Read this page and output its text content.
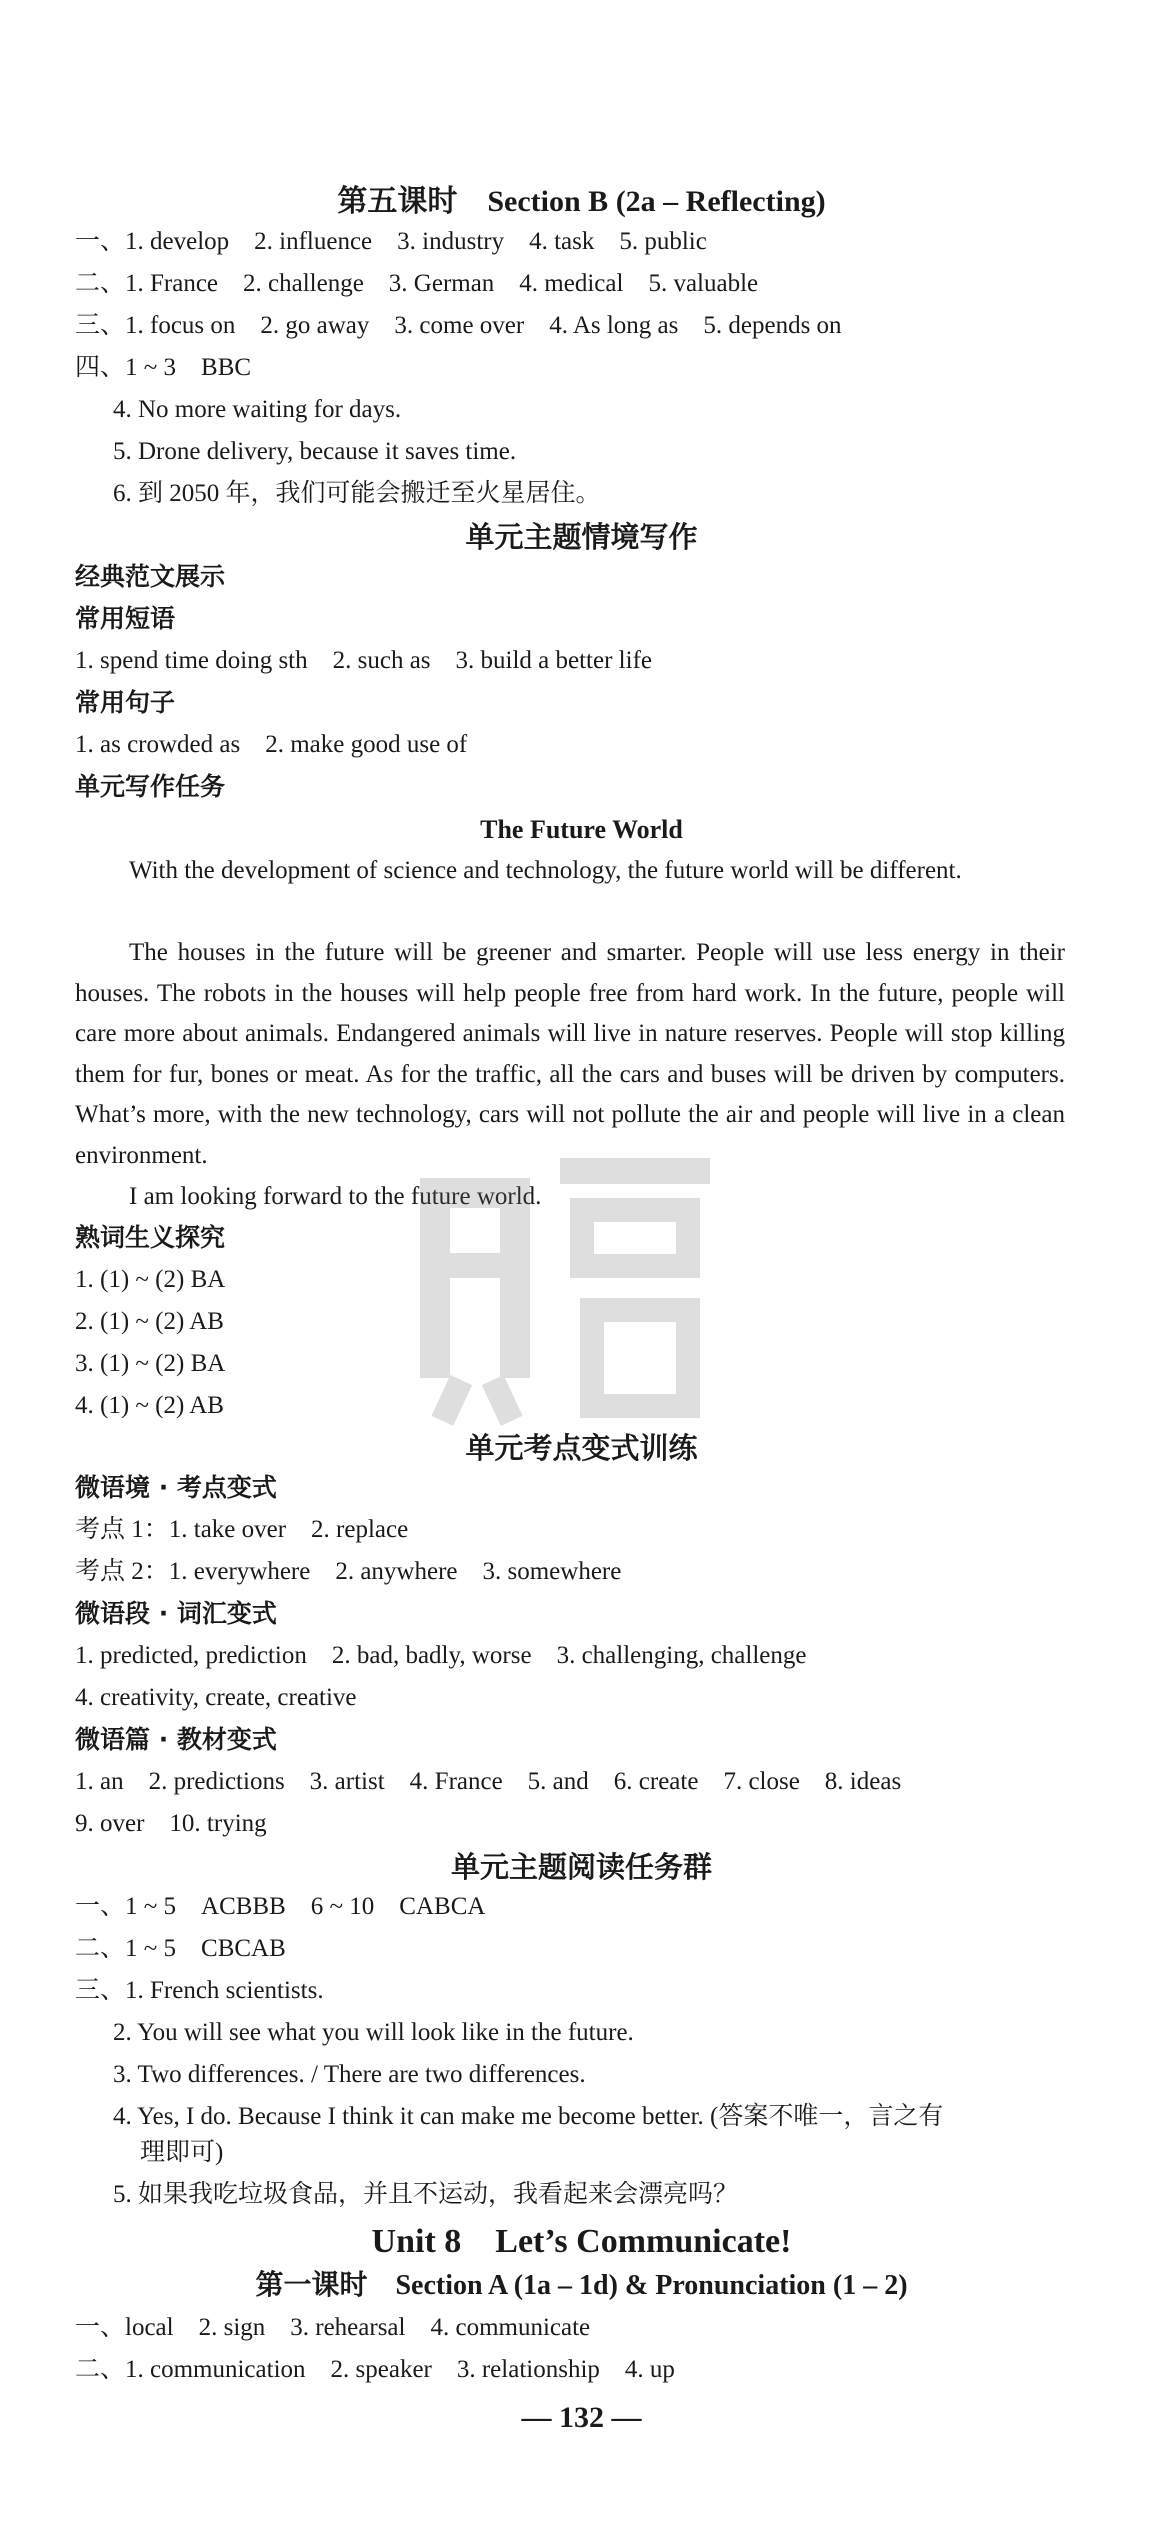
第五课时　Section B (2a – Reflecting)
一、1. develop　2. influence　3. industry　4. task　5. public
二、1. France　2. challenge　3. German　4. medical　5. valuable
三、1. focus on　2. go away　3. come over　4. As long as　5. depends on
四、1 ~ 3　BBC
4. No more waiting for days.
5. Drone delivery, because it saves time.
6. 到 2050 年，我们可能会搬迁至火星居住。
单元主题情境写作
经典范文展示
常用短语
1. spend time doing sth　2. such as　3. build a better life
常用句子
1. as crowded as　2. make good use of
单元写作任务
The Future World
With the development of science and technology, the future world will be different.
The houses in the future will be greener and smarter. People will use less energy in their houses. The robots in the houses will help people free from hard work. In the future, people will care more about animals. Endangered animals will live in nature reserves. People will stop killing them for fur, bones or meat. As for the traffic, all the cars and buses will be driven by computers. What’s more, with the new technology, cars will not pollute the air and people will live in a clean environment.
I am looking forward to the future world.
熟词生义探究
1. (1) ~ (2) BA
2. (1) ~ (2) AB
3. (1) ~ (2) BA
4. (1) ~ (2) AB
单元考点变式训练
微语境 · 考点变式
考点 1：1. take over　2. replace
考点 2：1. everywhere　2. anywhere　3. somewhere
微语段 · 词汇变式
1. predicted, prediction　2. bad, badly, worse　3. challenging, challenge
4. creativity, create, creative
微语篇 · 教材变式
1. an　2. predictions　3. artist　4. France　5. and　6. create　7. close　8. ideas
9. over　10. trying
单元主题阅读任务群
一、1 ~ 5　ACBBB　6 ~ 10　CABCA
二、1 ~ 5　CBCAB
三、1. French scientists.
2. You will see what you will look like in the future.
3. Two differences. / There are two differences.
4. Yes, I do. Because I think it can make me become better. (答案不唯一，言之有
理即可)
5. 如果我吃垃圾食品，并且不运动，我看起来会漂亮吗？
Unit 8　Let’s Communicate!
第一课时　Section A (1a – 1d) & Pronunciation (1 – 2)
一、local　2. sign　3. rehearsal　4. communicate
二、1. communication　2. speaker　3. relationship　4. up
— 132 —
